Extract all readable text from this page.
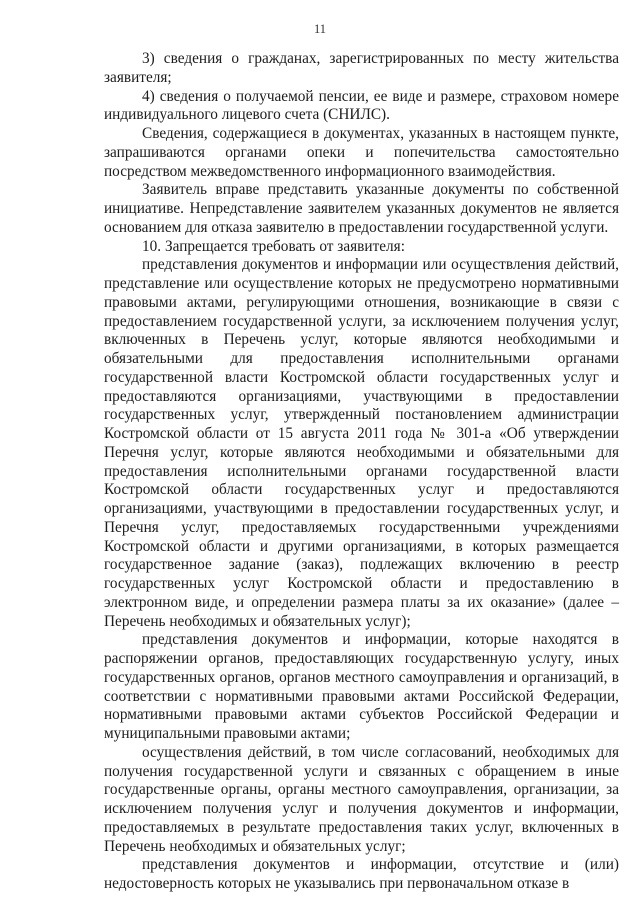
11

3) сведения о гражданах, зарегистрированных по месту жительства заявителя;

4) сведения о получаемой пенсии, ее виде и размере, страховом номере индивидуального лицевого счета (СНИЛС).

Сведения, содержащиеся в документах, указанных в настоящем пункте, запрашиваются органами опеки и попечительства самостоятельно посредством межведомственного информационного взаимодействия.

Заявитель вправе представить указанные документы по собственной инициативе. Непредставление заявителем указанных документов не является основанием для отказа заявителю в предоставлении государственной услуги.

10. Запрещается требовать от заявителя:

представления документов и информации или осуществления действий, представление или осуществление которых не предусмотрено нормативными правовыми актами, регулирующими отношения, возникающие в связи с предоставлением государственной услуги, за исключением получения услуг, включенных в Перечень услуг, которые являются необходимыми и обязательными для предоставления исполнительными органами государственной власти Костромской области государственных услуг и предоставляются организациями, участвующими в предоставлении государственных услуг, утвержденный постановлением администрации Костромской области от 15 августа 2011 года № 301-а «Об утверждении Перечня услуг, которые являются необходимыми и обязательными для предоставления исполнительными органами государственной власти Костромской области государственных услуг и предоставляются организациями, участвующими в предоставлении государственных услуг, и Перечня услуг, предоставляемых государственными учреждениями Костромской области и другими организациями, в которых размещается государственное задание (заказ), подлежащих включению в реестр государственных услуг Костромской области и предоставлению в электронном виде, и определении размера платы за их оказание» (далее – Перечень необходимых и обязательных услуг);

представления документов и информации, которые находятся в распоряжении органов, предоставляющих государственную услугу, иных государственных органов, органов местного самоуправления и организаций, в соответствии с нормативными правовыми актами Российской Федерации, нормативными правовыми актами субъектов Российской Федерации и муниципальными правовыми актами;

осуществления действий, в том числе согласований, необходимых для получения государственной услуги и связанных с обращением в иные государственные органы, органы местного самоуправления, организации, за исключением получения услуг и получения документов и информации, предоставляемых в результате предоставления таких услуг, включенных в Перечень необходимых и обязательных услуг;

представления документов и информации, отсутствие и (или) недостоверность которых не указывались при первоначальном отказе в
